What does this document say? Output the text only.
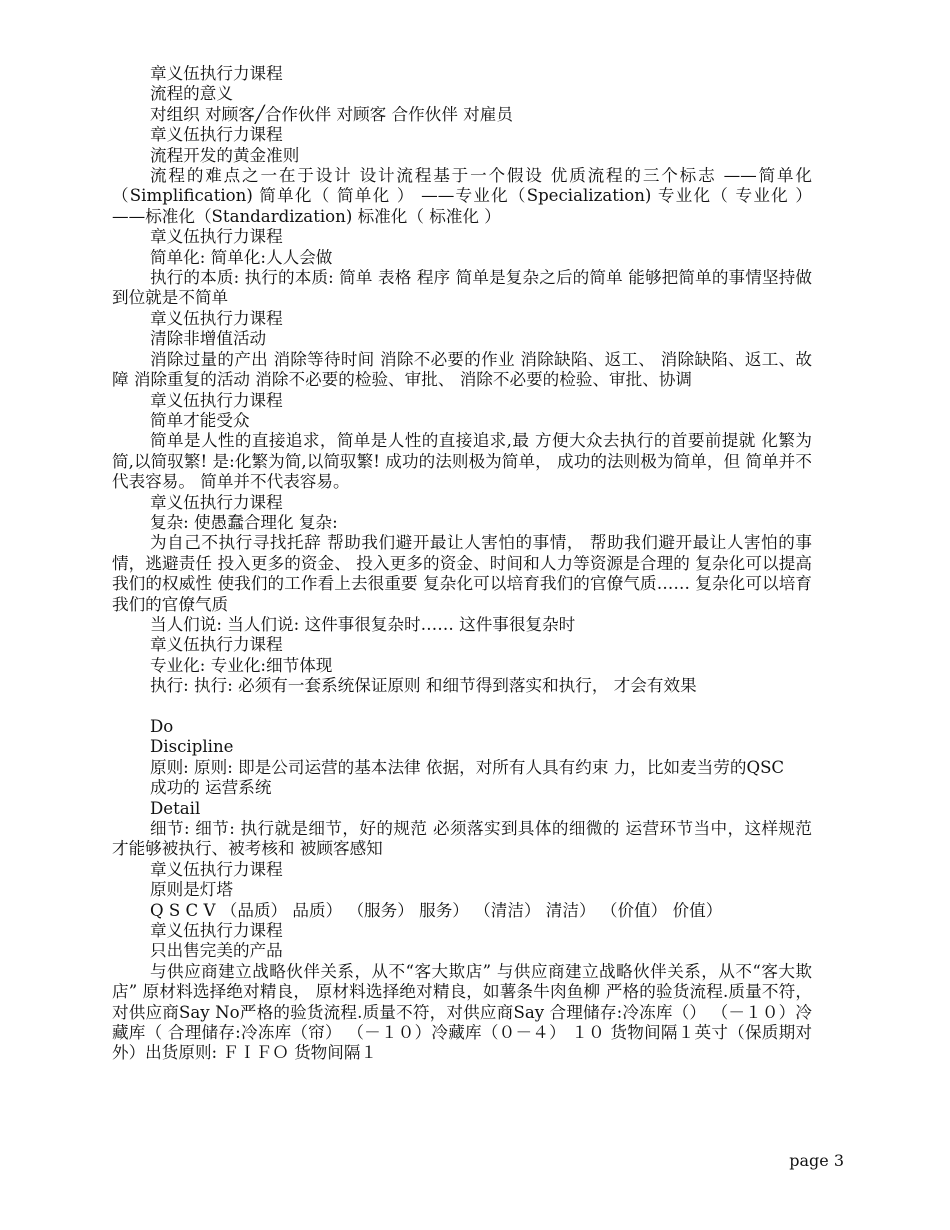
章义伍执行力课程

流程的意义

对组织 对顾客╱合作伙伴 对顾客 合作伙伴 对雇员

章义伍执行力课程

流程开发的黄金准则

流程的难点之一在于设计 设计流程基于一个假设 优质流程的三个标志 ——简单化（Simplification) 简单化（ 简单化 ） ——专业化（Specialization) 专业化（ 专业化 ） ——标准化（Standardization) 标准化（ 标准化 ）

章义伍执行力课程

简单化: 简单化:人人会做

执行的本质: 执行的本质: 简单 表格 程序 简单是复杂之后的简单 能够把简单的事情坚持做到位就是不简单

章义伍执行力课程

清除非增值活动

消除过量的产出 消除等待时间 消除不必要的作业 消除缺陷、返工、 消除缺陷、返工、故障 消除重复的活动 消除不必要的检验、审批、 消除不必要的检验、审批、协调

章义伍执行力课程

简单才能受众

简单是人性的直接追求，简单是人性的直接追求,最 方便大众去执行的首要前提就 化繁为简,以简驭繁! 是:化繁为简,以简驭繁! 成功的法则极为简单， 成功的法则极为简单，但 简单并不代表容易。 简单并不代表容易。

章义伍执行力课程

复杂: 使愚蠢合理化 复杂:

为自己不执行寻找托辞 帮助我们避开最让人害怕的事情， 帮助我们避开最让人害怕的事情，逃避责任 投入更多的资金、 投入更多的资金、时间和人力等资源是合理的 复杂化可以提高我们的权威性 使我们的工作看上去很重要 复杂化可以培育我们的官僚气质…… 复杂化可以培育我们的官僚气质

当人们说: 当人们说: 这件事很复杂时…… 这件事很复杂时

章义伍执行力课程

专业化: 专业化:细节体现

执行: 执行: 必须有一套系统保证原则 和细节得到落实和执行， 才会有效果

Do

Discipline

原则: 原则: 即是公司运营的基本法律 依据，对所有人具有约束 力，比如麦当劳的QSC

成功的 运营系统

Detail

细节: 细节: 执行就是细节，好的规范 必须落实到具体的细微的 运营环节当中，这样规范 才能够被执行、被考核和 被顾客感知

章义伍执行力课程

原则是灯塔

Q S C V （品质） 品质） （服务） 服务） （清洁） 清洁） （价值） 价值）

章义伍执行力课程

只出售完美的产品

与供应商建立战略伙伴关系，从不“客大欺店” 与供应商建立战略伙伴关系，从不“客大欺店” 原材料选择绝对精良， 原材料选择绝对精良，如薯条牛肉鱼柳 严格的验货流程.质量不符，对供应商Say No严格的验货流程.质量不符，对供应商Say 合理储存:冷冻库（） （－１０）冷藏库（ 合理储存:冷冻库（帘） （－１０）冷藏库（０－４） １０ 货物间隔１英寸（保质期对外）出货原则: ＦＩＦＯ 货物间隔１

page 3
